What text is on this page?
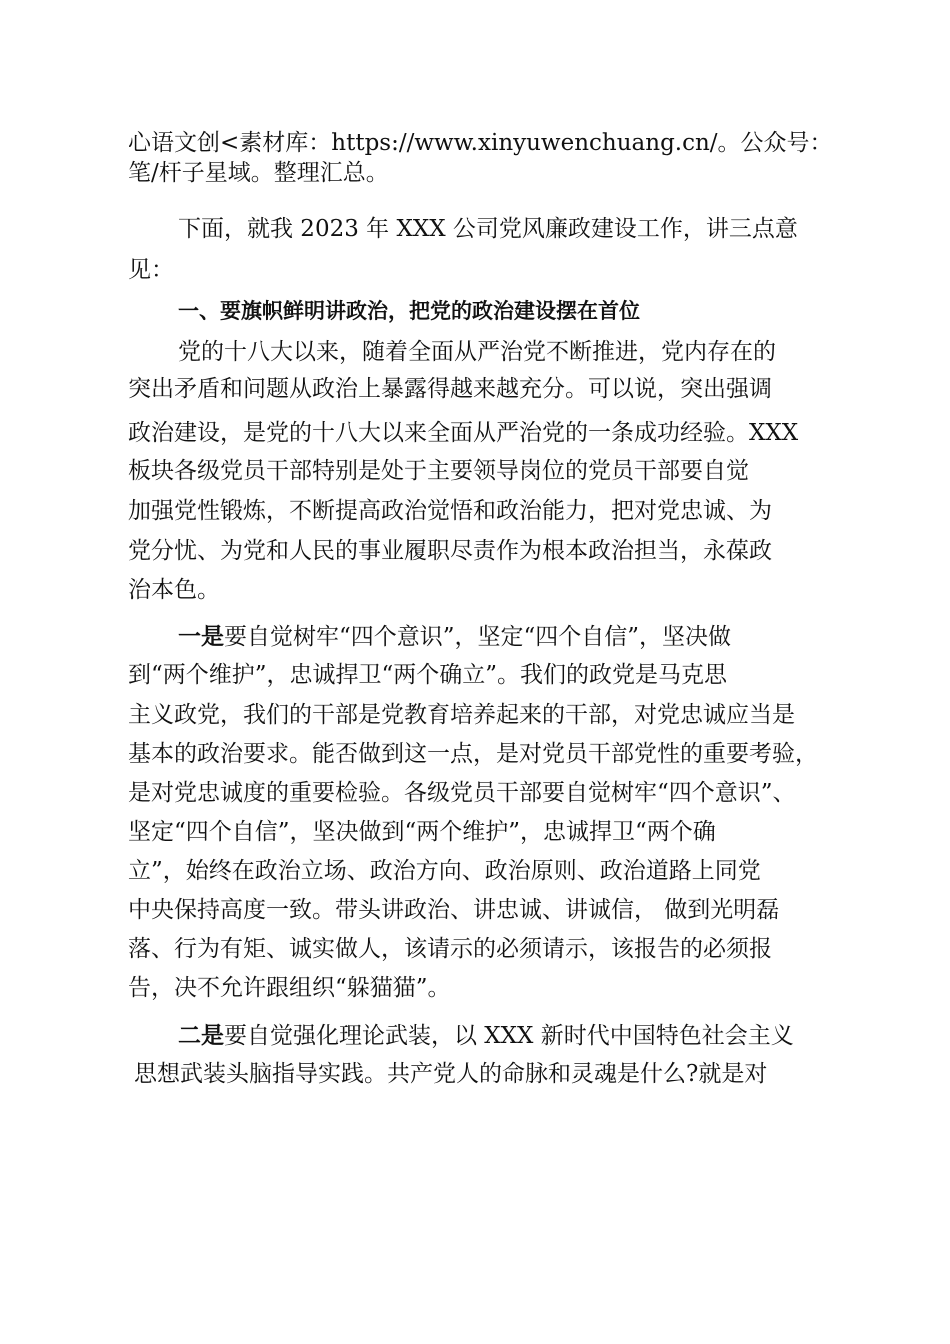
心语文创<素材库：https://www.xinyuwenchuang.cn/。公众号：
笔/杆子星域。整理汇总。
下面，就我 2023 年 XXX 公司党风廉政建设工作，讲三点意
见：
一、要旗帜鲜明讲政治，把党的政治建设摆在首位
党的十八大以来，随着全面从严治党不断推进，党内存在的
突出矛盾和问题从政治上暴露得越来越充分。可以说，突出强调
政治建设，是党的十八大以来全面从严治党的一条成功经验。XXX
板块各级党员干部特别是处于主要领导岗位的党员干部要自觉
加强党性锻炼，不断提高政治觉悟和政治能力，把对党忠诚、为
党分忧、为党和人民的事业履职尽责作为根本政治担当，永葆政
治本色。
一是要自觉树牢“四个意识”，坚定“四个自信”，坚决做
到“两个维护”，忠诚捍卫“两个确立”。我们的政党是马克思
主义政党，我们的干部是党教育培养起来的干部，对党忠诚应当是
基本的政治要求。能否做到这一点，是对党员干部党性的重要考验，
是对党忠诚度的重要检验。各级党员干部要自觉树牢“四个意识”、
坚定“四个自信”，坚决做到“两个维护”，忠诚捍卫“两个确
立”，始终在政治立场、政治方向、政治原则、政治道路上同党
中央保持高度一致。带头讲政治、讲忠诚、讲诚信， 做到光明磊
落、行为有矩、诚实做人，该请示的必须请示，该报告的必须报
告，决不允许跟组织“躲猫猫”。
二是要自觉强化理论武装，以 XXX 新时代中国特色社会主义
思想武装头脑指导实践。共产党人的命脉和灵魂是什么?就是对
